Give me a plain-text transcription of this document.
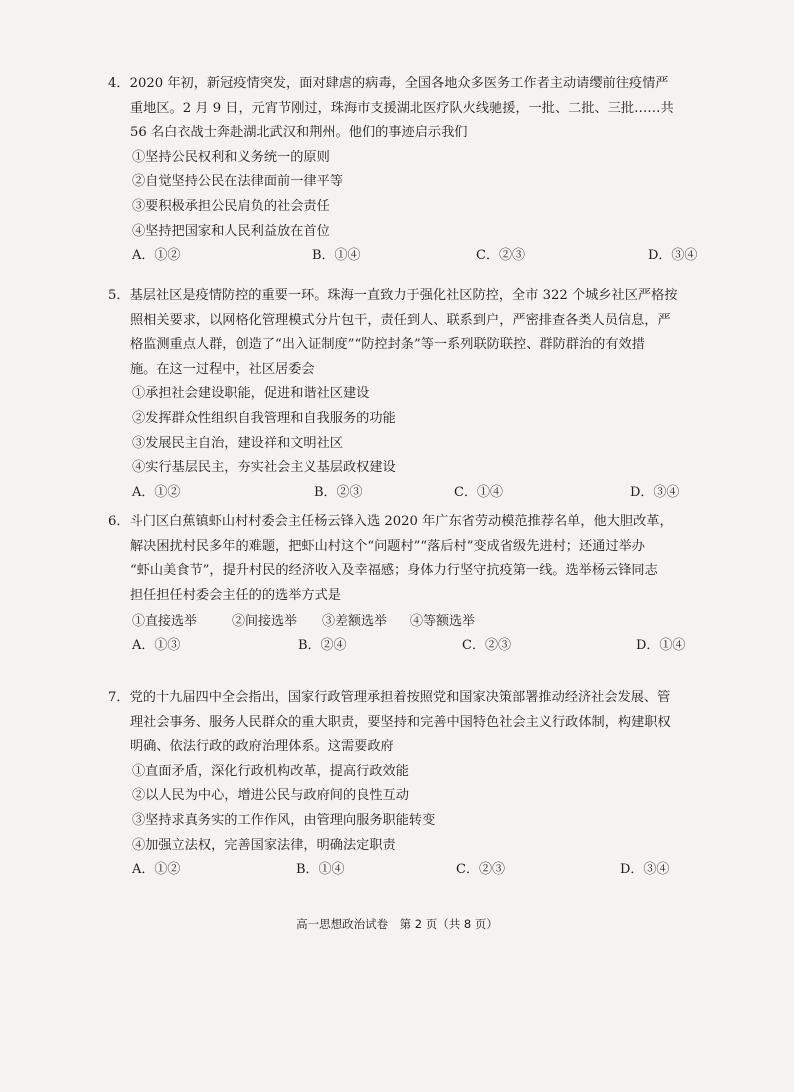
4．2020 年初，新冠疫情突发，面对肆虐的病毒，全国各地众多医务工作者主动请缨前往疫情严

重地区。2 月 9 日，元宵节刚过，珠海市支援湖北医疗队火线驰援，一批、二批、三批……共

56 名白衣战士奔赴湖北武汉和荆州。他们的事迹启示我们

①坚持公民权利和义务统一的原则

②自觉坚持公民在法律面前一律平等

③要积极承担公民肩负的社会责任

④坚持把国家和人民利益放在首位

A．①②	B．①④	C．②③	D．③④

5．基层社区是疫情防控的重要一环。珠海一直致力于强化社区防控，全市 322 个城乡社区严格按

照相关要求，以网格化管理模式分片包干，责任到人、联系到户，严密排查各类人员信息，严

格监测重点人群，创造了“出入证制度”“防控封条”等一系列联防联控、群防群治的有效措

施。在这一过程中，社区居委会

①承担社会建设职能，促进和谐社区建设

②发挥群众性组织自我管理和自我服务的功能

③发展民主自治，建设祥和文明社区

④实行基层民主，夯实社会主义基层政权建设

A．①②	B．②③	C．①④	D．③④

6．斗门区白蕉镇虾山村村委会主任杨云锋入选 2020 年广东省劳动模范推荐名单，他大胆改革，

解决困扰村民多年的难题，把虾山村这个“问题村”“落后村”变成省级先进村；还通过举办

“虾山美食节”，提升村民的经济收入及幸福感；身体力行坚守抗疫第一线。选举杨云锋同志

担任担任村委会主任的的选举方式是

①直接选举	②间接选举 ③差额选举 ④等额选举
A．①③	B．②④	C．②③	D．①④

7．党的十九届四中全会指出，国家行政管理承担着按照党和国家决策部署推动经济社会发展、管

理社会事务、服务人民群众的重大职责，要坚持和完善中国特色社会主义行政体制，构建职权

明确、依法行政的政府治理体系。这需要政府

①直面矛盾，深化行政机构改革，提高行政效能

②以人民为中心，增进公民与政府间的良性互动

③坚持求真务实的工作作风，由管理向服务职能转变

④加强立法权，完善国家法律，明确法定职责

A．①②	B．①④	C．②③	D．③④
高一思想政治试卷　第 2 页（共 8 页）
